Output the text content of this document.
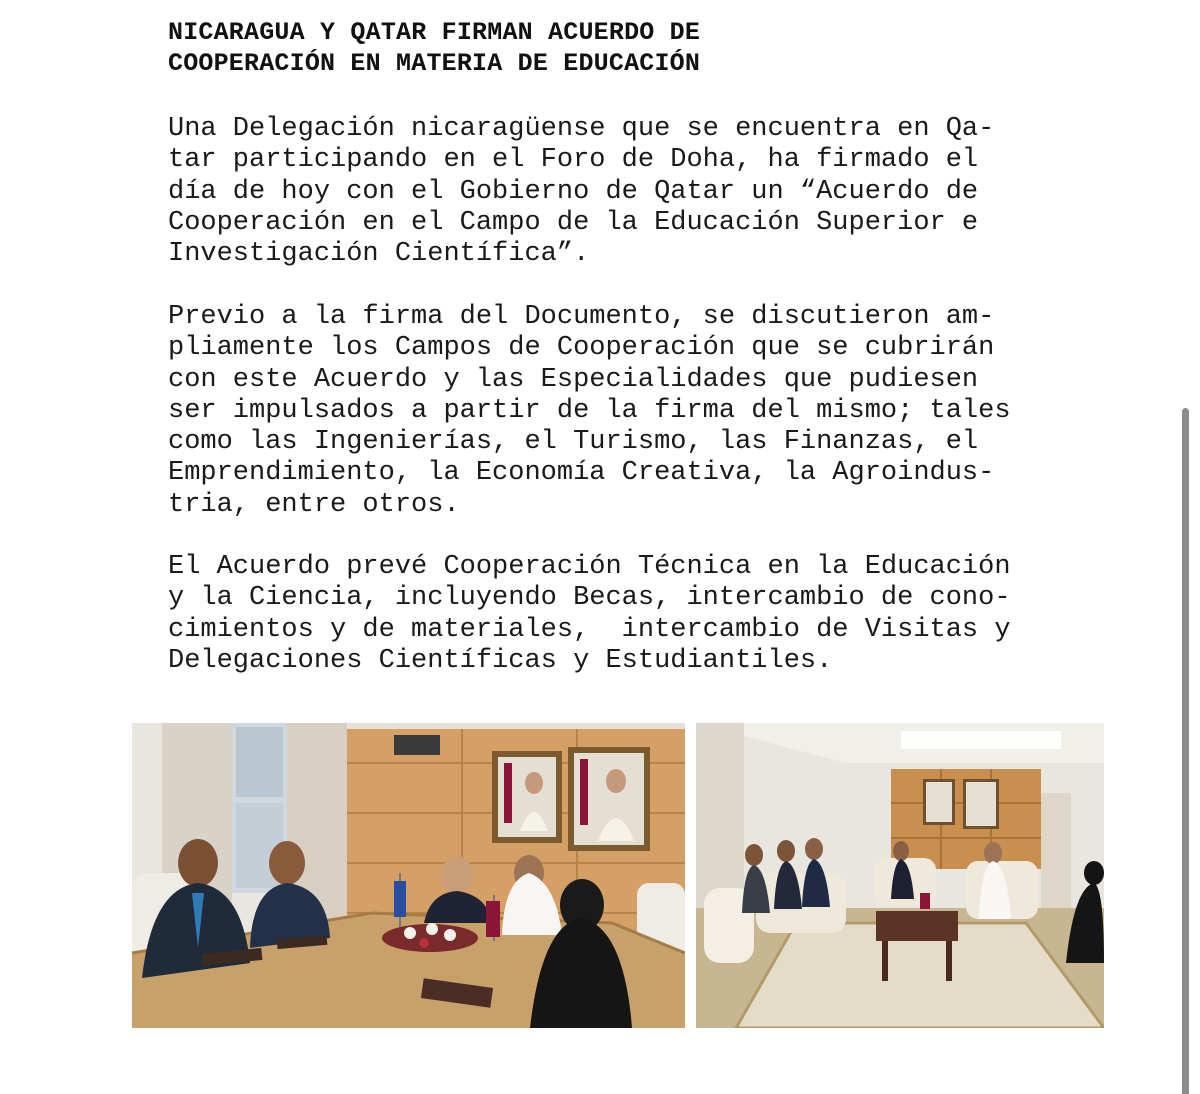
NICARAGUA Y QATAR FIRMAN ACUERDO DE
COOPERACIÓN EN MATERIA DE EDUCACIÓN
Una Delegación nicaragüense que se encuentra en Qa-
tar participando en el Foro de Doha, ha firmado el
día de hoy con el Gobierno de Qatar un “Acuerdo de
Cooperación en el Campo de la Educación Superior e
Investigación Científica”.
Previo a la firma del Documento, se discutieron am-
pliamente los Campos de Cooperación que se cubrirán
con este Acuerdo y las Especialidades que pudiesen
ser impulsados a partir de la firma del mismo; tales
como las Ingenierías, el Turismo, las Finanzas, el
Emprendimiento, la Economía Creativa, la Agroindus-
tria, entre otros.
El Acuerdo prevé Cooperación Técnica en la Educación
y la Ciencia, incluyendo Becas, intercambio de cono-
cimientos y de materiales,  intercambio de Visitas y
Delegaciones Científicas y Estudiantiles.
